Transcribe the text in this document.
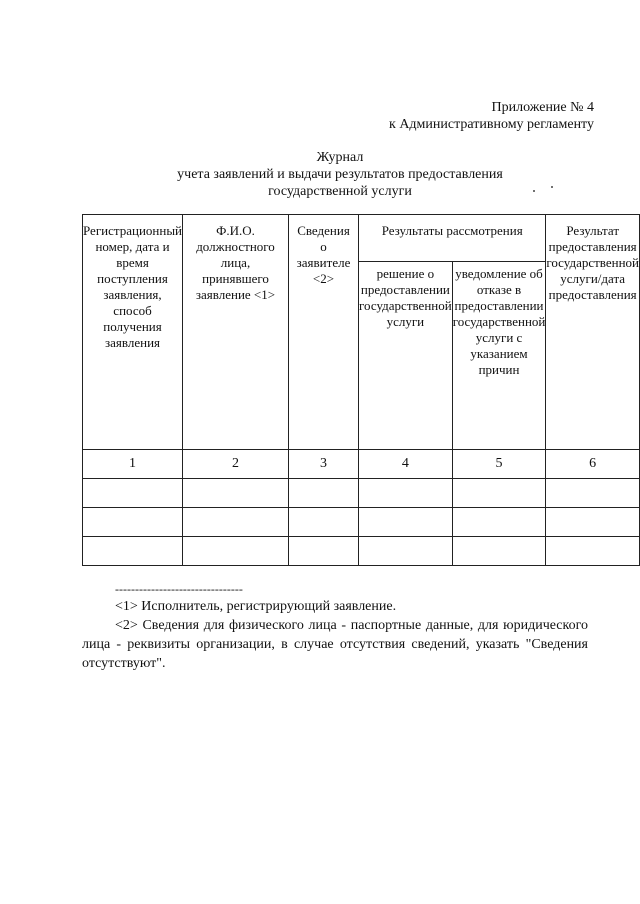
Приложение № 4
к Административному регламенту
Журнал
учета заявлений и выдачи результатов предоставления
государственной услуги
Регистрационный номер, дата и время поступления заявления, способ получения заявления	Ф.И.О. должностного лица, принявшего заявление <1>	Сведения о заявителе <2>	Результаты рассмотрения		Результат предоставления государственной услуги/дата предоставления
			решение о предоставлении государственной услуги	уведомление об отказе в предоставлении государственной услуги с указанием причин	
1	2	3	4	5	6

--------------------------------
<1> Исполнитель, регистрирующий заявление.
<2> Сведения для физического лица - паспортные данные, для юридического лица - реквизиты организации, в случае отсутствия сведений, указать "Сведения отсутствуют".
